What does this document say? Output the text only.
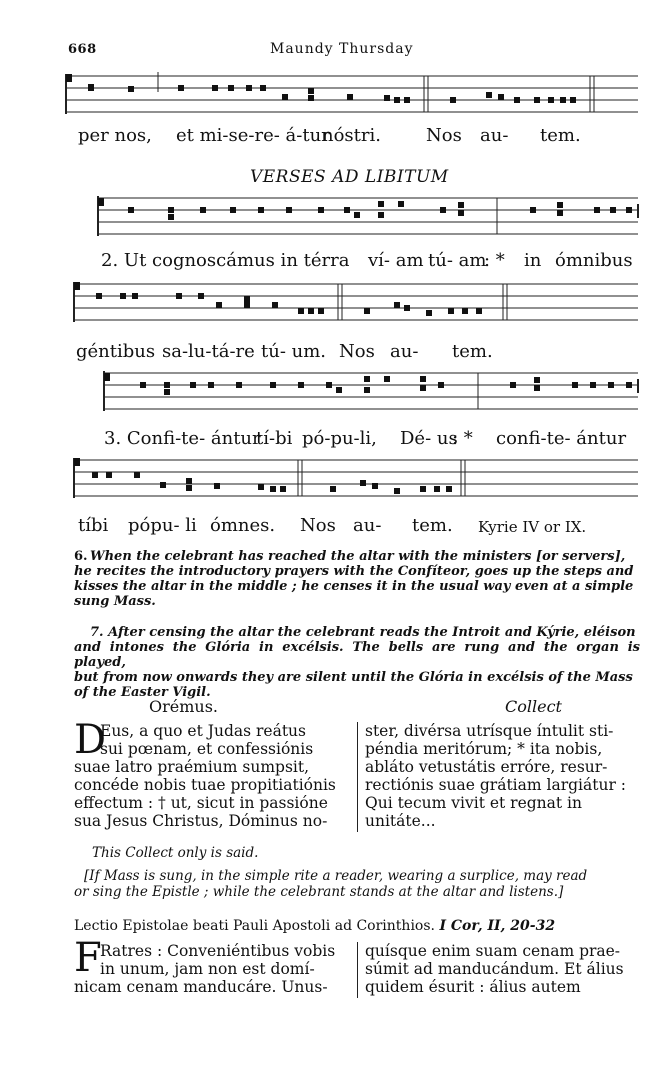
668	Maundy Thursday
per nos, et mi-se-re- á-tur
nóstri.	Nos au- tem.
VERSES AD LIBITUM
2. Ut cognoscámus in térra ví- am tú- am
: * in ómnibus
géntibus sa-lu-tá-re tú- um. Nos au- tem.
3. Confi-te- ántur
tí-bi pó-pu-li, Dé- us
: * confi-te- ántur
tíbi pópu- li ómnes. Nos au- tem. Kyrie IV or IX.
When the celebrant has reached the altar with the ministers [or servers],
he recites the introductory prayers with the Confíteor, goes up the steps and
kisses the altar in the middle ; he censes it in the usual way even at a simple
sung Mass.
6.
7. After censing the altar the celebrant reads the Introit and Kýrie, eléison
and intones the Glória in excélsis. The bells are rung and the organ is played,
but from now onwards they are silent until the Glória in excélsis of the Mass
of the Easter Vigil.
Orémus.	Collect
D
Eus, a quo et Judas reátus
sui pœnam, et confessiónis
suae latro praémium sumpsit,
concéde nobis tuae propitiatiónis
effectum : † ut, sicut in passióne
sua Jesus Christus, Dóminus no-
ster, divérsa utrísque íntulit sti-
péndia meritórum; * ita nobis,
abláto vetustátis erróre, resur-
rectiónis suae grátiam largiátur :
Qui tecum vivit et regnat in
unitáte...
This Collect only is said.
[If Mass is sung, in the simple rite a reader, wearing a surplice, may read
or sing the Epistle ; while the celebrant stands at the altar and listens.]
Lectio Epistolae beati Pauli Apostoli ad Corinthios. I Cor, II, 20-32
F
Ratres : Conveniéntibus vobis
in unum, jam non est domí-
nicam cenam manducáre. Unus-
quísque enim suam cenam prae-
súmit ad manducándum. Et álius
quidem ésurit : álius autem
